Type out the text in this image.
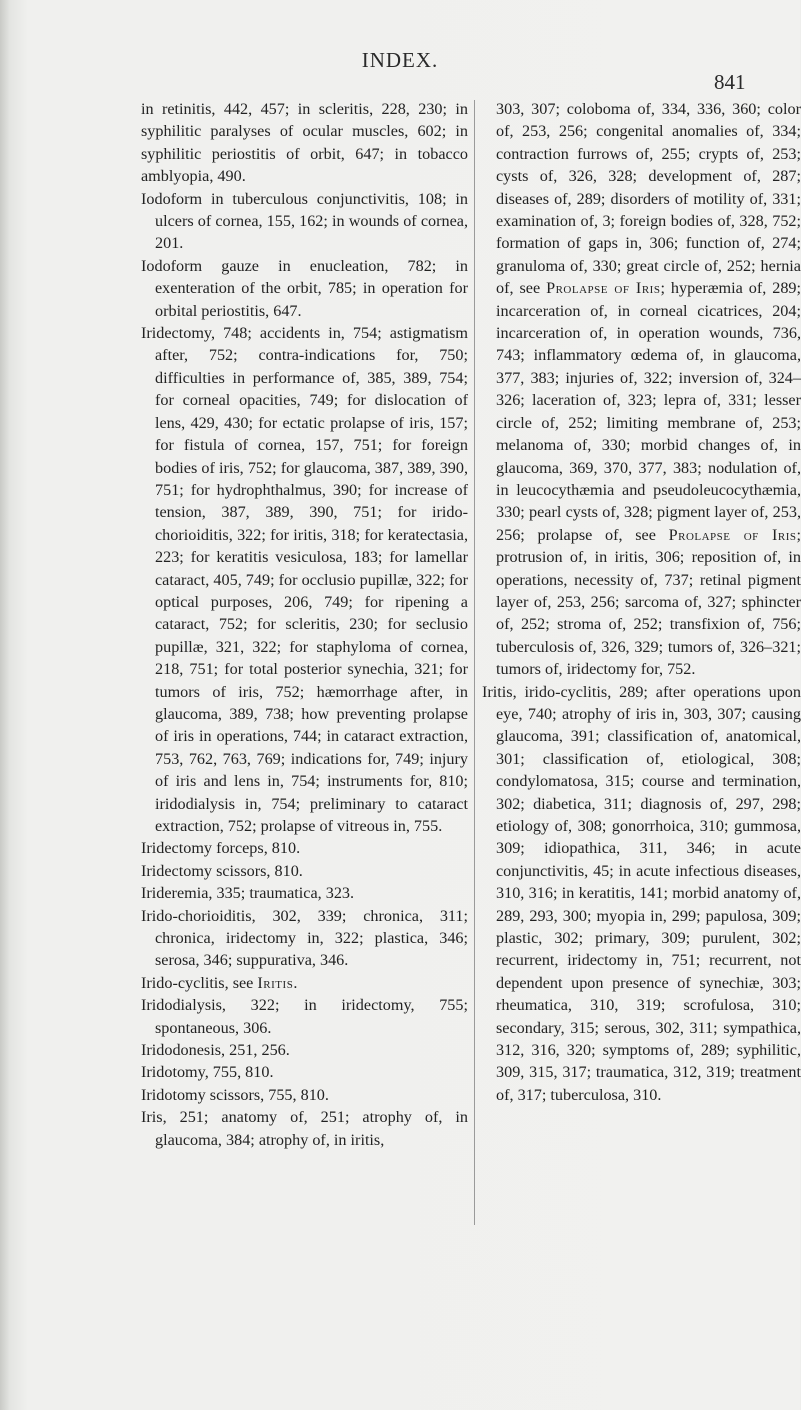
INDEX.
841

in retinitis, 442, 457; in scleritis, 228, 230; in syphilitic paralyses of ocular muscles, 602; in syphilitic periostitis of orbit, 647; in tobacco amblyopia, 490.

Iodoform in tuberculous conjunctivitis, 108; in ulcers of cornea, 155, 162; in wounds of cornea, 201.

Iodoform gauze in enucleation, 782; in exenteration of the orbit, 785; in operation for orbital periostitis, 647.

Iridectomy, 748; accidents in, 754; astigmatism after, 752; contra-indications for, 750; difficulties in performance of, 385, 389, 754; for corneal opacities, 749; for dislocation of lens, 429, 430; for ectatic prolapse of iris, 157; for fistula of cornea, 157, 751; for foreign bodies of iris, 752; for glaucoma, 387, 389, 390, 751; for hydrophthalmus, 390; for increase of tension, 387, 389, 390, 751; for irido-chorioiditis, 322; for iritis, 318; for keratectasia, 223; for keratitis vesiculosa, 183; for lamellar cataract, 405, 749; for occlusio pupillæ, 322; for optical purposes, 206, 749; for ripening a cataract, 752; for scleritis, 230; for seclusio pupillæ, 321, 322; for staphyloma of cornea, 218, 751; for total posterior synechia, 321; for tumors of iris, 752; hæmorrhage after, in glaucoma, 389, 738; how preventing prolapse of iris in operations, 744; in cataract extraction, 753, 762, 763, 769; indications for, 749; injury of iris and lens in, 754; instruments for, 810; iridodialysis in, 754; preliminary to cataract extraction, 752; prolapse of vitreous in, 755.

Iridectomy forceps, 810.

Iridectomy scissors, 810.

Irideremia, 335; traumatica, 323.

Irido-chorioiditis, 302, 339; chronica, 311; chronica, iridectomy in, 322; plastica, 346; serosa, 346; suppurativa, 346.

Irido-cyclitis, see Iritis.

Iridodialysis, 322; in iridectomy, 755; spontaneous, 306.

Iridodonesis, 251, 256.

Iridotomy, 755, 810.

Iridotomy scissors, 755, 810.

Iris, 251; anatomy of, 251; atrophy of, in glaucoma, 384; atrophy of, in iritis,

303, 307; coloboma of, 334, 336, 360; color of, 253, 256; congenital anomalies of, 334; contraction furrows of, 255; crypts of, 253; cysts of, 326, 328; development of, 287; diseases of, 289; disorders of motility of, 331; examination of, 3; foreign bodies of, 328, 752; formation of gaps in, 306; function of, 274; granuloma of, 330; great circle of, 252; hernia of, see Prolapse of Iris; hyperæmia of, 289; incarceration of, in corneal cicatrices, 204; incarceration of, in operation wounds, 736, 743; inflammatory œdema of, in glaucoma, 377, 383; injuries of, 322; inversion of, 324–326; laceration of, 323; lepra of, 331; lesser circle of, 252; limiting membrane of, 253; melanoma of, 330; morbid changes of, in glaucoma, 369, 370, 377, 383; nodulation of, in leucocythæmia and pseudoleucocythæmia, 330; pearl cysts of, 328; pigment layer of, 253, 256; prolapse of, see Prolapse of Iris; protrusion of, in iritis, 306; reposition of, in operations, necessity of, 737; retinal pigment layer of, 253, 256; sarcoma of, 327; sphincter of, 252; stroma of, 252; transfixion of, 756; tuberculosis of, 326, 329; tumors of, 326–321; tumors of, iridectomy for, 752.

Iritis, irido-cyclitis, 289; after operations upon eye, 740; atrophy of iris in, 303, 307; causing glaucoma, 391; classification of, anatomical, 301; classification of, etiological, 308; condylomatosa, 315; course and termination, 302; diabetica, 311; diagnosis of, 297, 298; etiology of, 308; gonorrhoica, 310; gummosa, 309; idiopathica, 311, 346; in acute conjunctivitis, 45; in acute infectious diseases, 310, 316; in keratitis, 141; morbid anatomy of, 289, 293, 300; myopia in, 299; papulosa, 309; plastic, 302; primary, 309; purulent, 302; recurrent, iridectomy in, 751; recurrent, not dependent upon presence of synechiæ, 303; rheumatica, 310, 319; scrofulosa, 310; secondary, 315; serous, 302, 311; sympathica, 312, 316, 320; symptoms of, 289; syphilitic, 309, 315, 317; traumatica, 312, 319; treatment of, 317; tuberculosa, 310.
